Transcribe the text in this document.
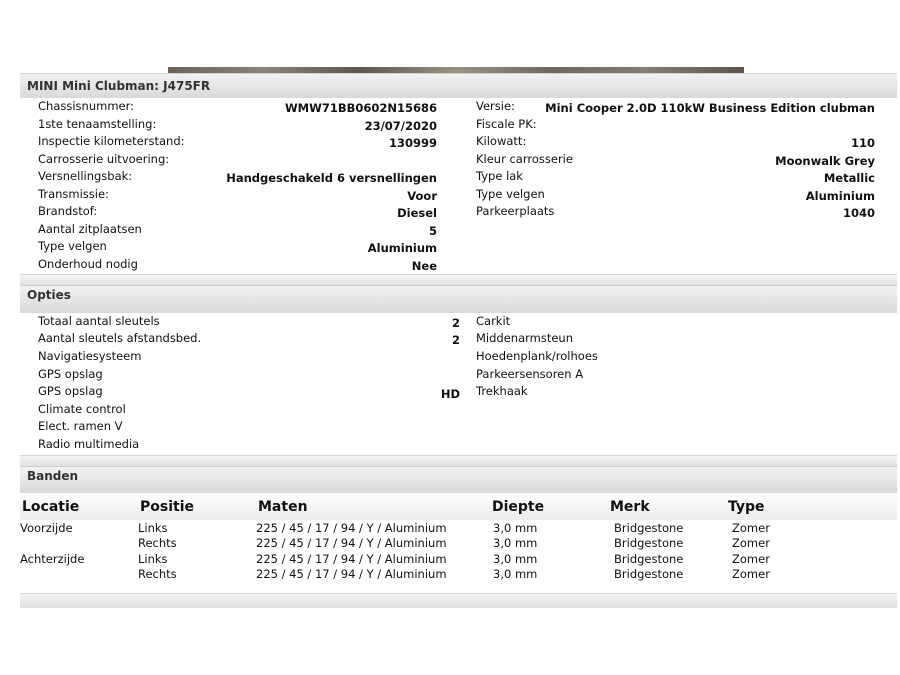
MINI Mini Clubman: J475FR
Chassisnummer:	WMW71BB0602N15686
1ste tenaamstelling:	23/07/2020
Inspectie kilometerstand:	130999
Carrosserie uitvoering:
Versnellingsbak:	Handgeschakeld 6 versnellingen
Transmissie:	Voor
Brandstof:	Diesel
Aantal zitplaatsen	5
Type velgen	Aluminium
Onderhoud nodig	Nee
Versie:	Mini Cooper 2.0D 110kW Business Edition clubman
Fiscale PK:
Kilowatt:	110
Kleur carrosserie	Moonwalk Grey
Type lak	Metallic
Type velgen	Aluminium
Parkeerplaats	1040
Opties
Totaal aantal sleutels	2
Aantal sleutels afstandsbed.	2
Navigatiesysteem
GPS opslag
GPS opslag	HD
Climate control
Elect. ramen V
Radio multimedia
Carkit
Middenarmsteun
Hoedenplank/rolhoes
Parkeersensoren A
Trekhaak
Banden
Locatie	Positie	Maten	Diepte	Merk	Type
Voorzijde	Links	225 / 45 / 17 / 94 / Y / Aluminium	3,0 mm	Bridgestone	Zomer
	Rechts	225 / 45 / 17 / 94 / Y / Aluminium	3,0 mm	Bridgestone	Zomer
Achterzijde	Links	225 / 45 / 17 / 94 / Y / Aluminium	3,0 mm	Bridgestone	Zomer
	Rechts	225 / 45 / 17 / 94 / Y / Aluminium	3,0 mm	Bridgestone	Zomer
